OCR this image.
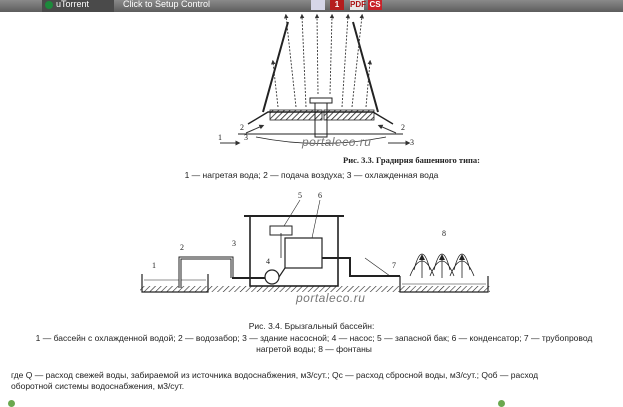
uTorrent	Click to Setup Control	1	PDF CS
1
2
3
2
3
portaleco.ru
Рис. 3.3. Градирня башенного типа:
1 — нагретая вода; 2 — подача воздуха; 3 — охлажденная вода
1
2	3
4
5 6
7
8
portaleco.ru
Рис. 3.4. Брызгальный бассейн:
1 — бассейн с охлажденной водой; 2 — водозабор; 3 — здание насосной; 4 — насос; 5 — запасной бак; 6 — конденсатор; 7 — трубопровод нагретой воды; 8 — фонтаны
где Q — расход свежей воды, забираемой из источника водоснабжения, м3/сут.; Qс — расход сбросной воды, м3/сут.; Qоб — расход оборотной системы водоснабжения, м3/сут.
